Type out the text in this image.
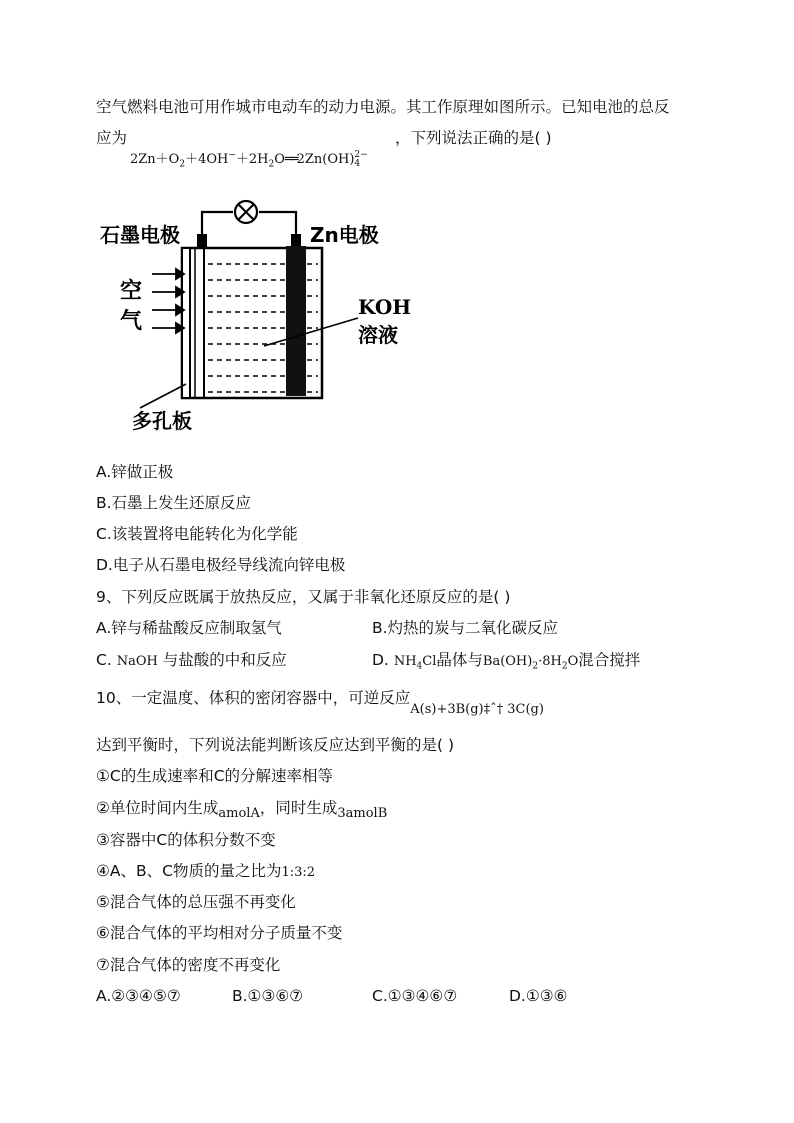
空气燃料电池可用作城市电动车的动力电源。其工作原理如图所示。已知电池的总反
应为	，下列说法正确的是( )
$2Zn+O_2+4OH^-+2H_2O══2Zn(OH)$ 2−
4
石墨电极	Zn电极
空
气
KOH
溶液
多孔板
A.锌做正极
B.石墨上发生还原反应
C.该装置将电能转化为化学能
D.电子从石墨电极经导线流向锌电极
9、下列反应既属于放热反应，又属于非氧化还原反应的是( )
A.锌与稀盐酸反应制取氢气	B.灼热的炭与二氧化碳反应
C. NaOH 与盐酸的中和反应	D. $NH_4Cl$晶体与$Ba(OH)_2\cdot 8H_2O$混合搅拌
10、一定温度、体积的密闭容器中，可逆反应$_{A(s)+3B(g)\ddagger ˆ\dagger 3C(g)}$
达到平衡时，下列说法能判断该反应达到平衡的是( )
①C的生成速率和C的分解速率相等
②单位时间内生成$_{amolA}$，同时生成$_{3amolB}$
③容器中C的体积分数不变
④A、B、C物质的量之比为1:3:2
⑤混合气体的总压强不再变化
⑥混合气体的平均相对分子质量不变
⑦混合气体的密度不再变化
A.②③④⑤⑦	B.①③⑥⑦	C.①③④⑥⑦	D.①③⑥
